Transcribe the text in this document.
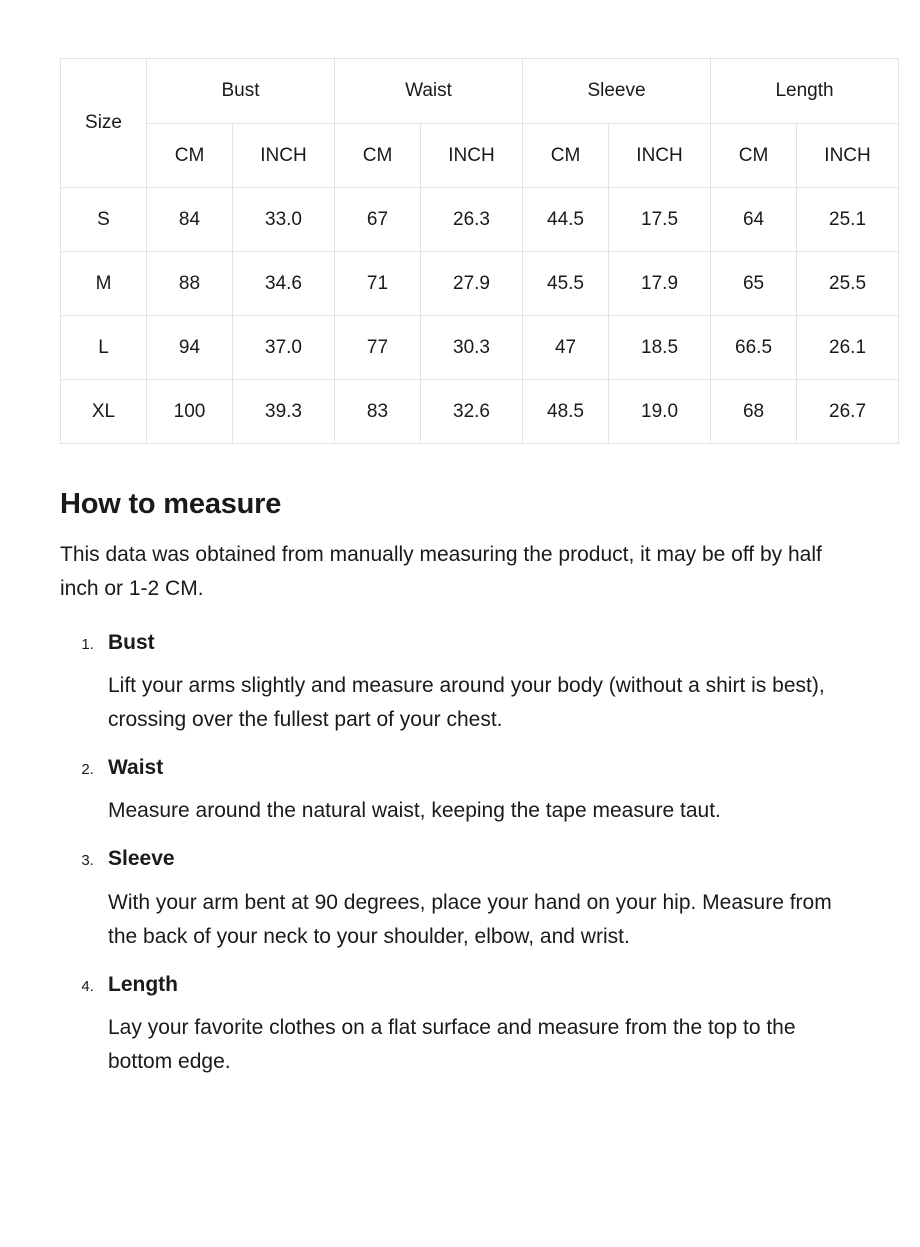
Size	Bust		Waist		Sleeve		Length	
	CM	INCH	CM	INCH	CM	INCH	CM	INCH
S	84	33.0	67	26.3	44.5	17.5	64	25.1
M	88	34.6	71	27.9	45.5	17.9	65	25.5
L	94	37.0	77	30.3	47	18.5	66.5	26.1
XL	100	39.3	83	32.6	48.5	19.0	68	26.7
How to measure

This data was obtained from manually measuring the product, it may be off by half inch or 1-2 CM.

1. Bust
Lift your arms slightly and measure around your body (without a shirt is best), crossing over the fullest part of your chest.
2. Waist
Measure around the natural waist, keeping the tape measure taut.
3. Sleeve
With your arm bent at 90 degrees, place your hand on your hip. Measure from the back of your neck to your shoulder, elbow, and wrist.
4. Length
Lay your favorite clothes on a flat surface and measure from the top to the bottom edge.
